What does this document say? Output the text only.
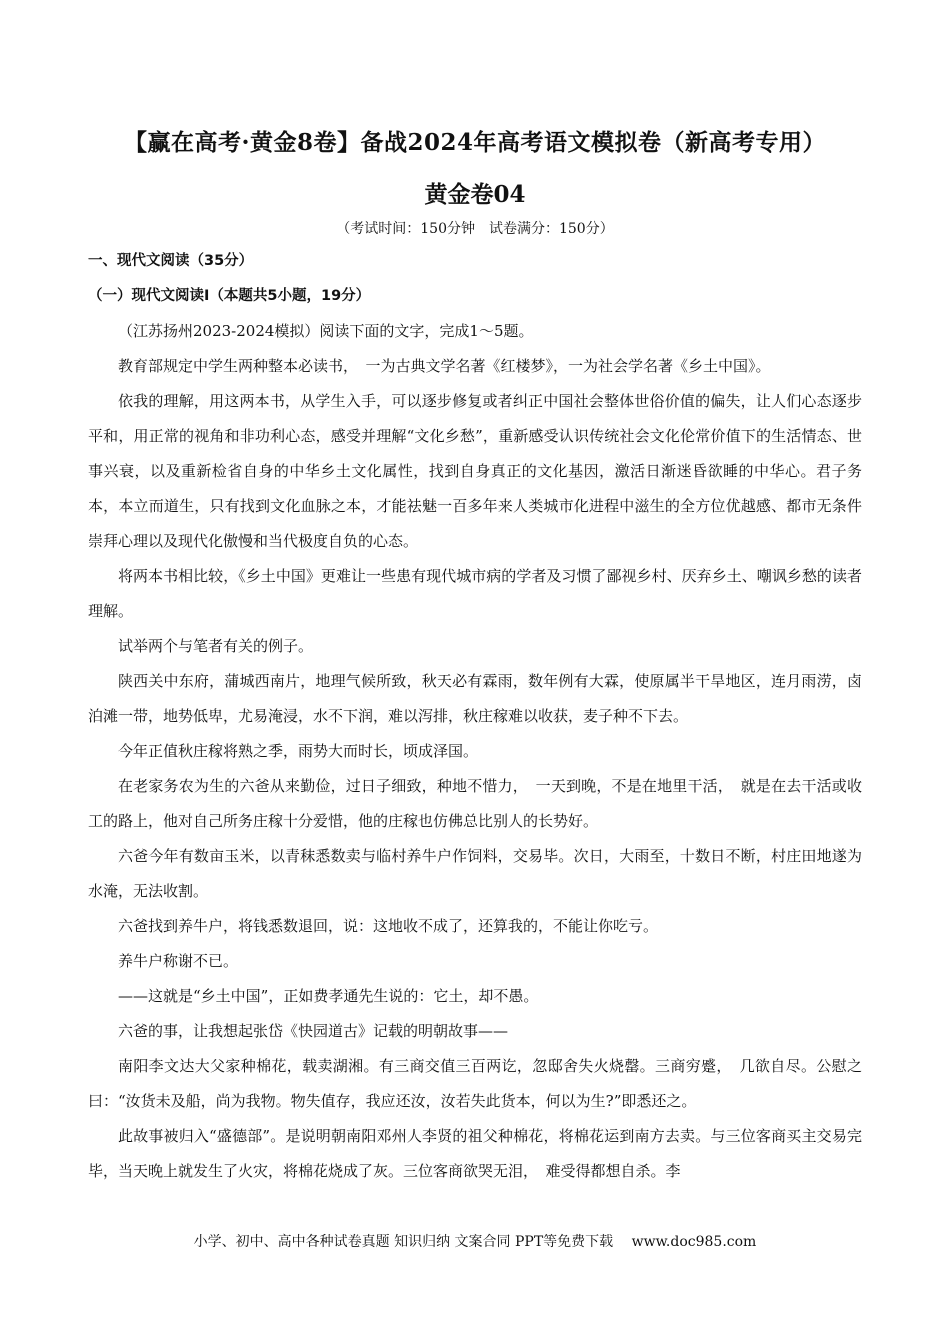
【赢在高考·黄金8卷】备战2024年高考语文模拟卷（新高考专用）
黄金卷04
（考试时间：150分钟　试卷满分：150分）

一、现代文阅读（35分）

（一）现代文阅读Ⅰ（本题共5小题，19分）

（江苏扬州2023-2024模拟）阅读下面的文字，完成1～5题。

教育部规定中学生两种整本必读书，　一为古典文学名著《红楼梦》，一为社会学名著《乡土中国》。

依我的理解，用这两本书，从学生入手，可以逐步修复或者纠正中国社会整体世俗价值的偏失，让人们心态逐步平和，用正常的视角和非功利心态，感受并理解“文化乡愁”，重新感受认识传统社会文化伦常价值下的生活情态、世事兴衰，以及重新检省自身的中华乡土文化属性，找到自身真正的文化基因，激活日渐迷昏欲睡的中华心。君子务本，本立而道生，只有找到文化血脉之本，才能祛魅一百多年来人类城市化进程中滋生的全方位优越感、都市无条件崇拜心理以及现代化傲慢和当代极度自负的心态。

将两本书相比较，《乡土中国》更难让一些患有现代城市病的学者及习惯了鄙视乡村、厌弃乡土、嘲讽乡愁的读者理解。

试举两个与笔者有关的例子。

陕西关中东府，蒲城西南片，地理气候所致，秋天必有霖雨，数年例有大霖，使原属半干旱地区，连月雨涝，卤泊滩一带，地势低卑，尤易淹浸，水不下润，难以泻排，秋庄稼难以收获，麦子种不下去。

今年正值秋庄稼将熟之季，雨势大而时长，顷成泽国。

在老家务农为生的六爸从来勤俭，过日子细致，种地不惜力，　一天到晚，不是在地里干活，　就是在去干活或收工的路上，他对自己所务庄稼十分爱惜，他的庄稼也仿佛总比别人的长势好。

六爸今年有数亩玉米，以青秣悉数卖与临村养牛户作饲料，交易毕。次日，大雨至，十数日不断，村庄田地遂为水淹，无法收割。

六爸找到养牛户，将钱悉数退回，说：这地收不成了，还算我的，不能让你吃亏。

养牛户称谢不已。

——这就是“乡土中国”，正如费孝通先生说的：它土，却不愚。

六爸的事，让我想起张岱《快园道古》记载的明朝故事——

南阳李文达大父家种棉花，载卖湖湘。有三商交值三百两讫，忽邸舍失火烧罄。三商穷蹙，　几欲自尽。公慰之曰：“汝货未及船，尚为我物。物失值存，我应还汝，汝若失此货本，何以为生?”即悉还之。

此故事被归入“盛德部”。是说明朝南阳邓州人李贤的祖父种棉花，将棉花运到南方去卖。与三位客商买主交易完毕，当天晚上就发生了火灾，将棉花烧成了灰。三位客商欲哭无泪，　难受得都想自杀。李

小学、初中、高中各种试卷真题 知识归纳 文案合同 PPT等免费下载　 www.doc985.com
